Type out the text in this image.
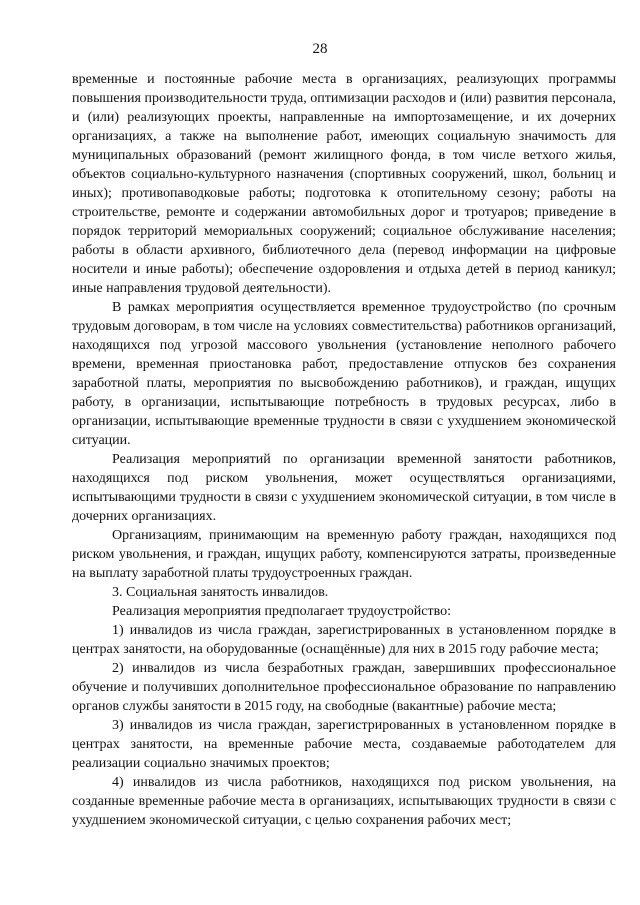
28

временные и постоянные рабочие места в организациях, реализующих программы повышения производительности труда, оптимизации расходов и (или) развития персонала, и (или) реализующих проекты, направленные на импортозамещение, и их дочерних организациях, а также на выполнение работ, имеющих социальную значимость для муниципальных образований (ремонт жилищного фонда, в том числе ветхого жилья, объектов социально-культурного назначения (спортивных сооружений, школ, больниц и иных); противопаводковые работы; подготовка к отопительному сезону; работы на строительстве, ремонте и содержании автомобильных дорог и тротуаров; приведение в порядок территорий мемориальных сооружений; социальное обслуживание населения; работы в области архивного, библиотечного дела (перевод информации на цифровые носители и иные работы); обеспечение оздоровления и отдыха детей в период каникул; иные направления трудовой деятельности).

В рамках мероприятия осуществляется временное трудоустройство (по срочным трудовым договорам, в том числе на условиях совместительства) работников организаций, находящихся под угрозой массового увольнения (установление неполного рабочего времени, временная приостановка работ, предоставление отпусков без сохранения заработной платы, мероприятия по высвобождению работников), и граждан, ищущих работу, в организации, испытывающие потребность в трудовых ресурсах, либо в организации, испытывающие временные трудности в связи с ухудшением экономической ситуации.

Реализация мероприятий по организации временной занятости работников, находящихся под риском увольнения, может осуществляться организациями, испытывающими трудности в связи с ухудшением экономической ситуации, в том числе в дочерних организациях.

Организациям, принимающим на временную работу граждан, находящихся под риском увольнения, и граждан, ищущих работу, компенсируются затраты, произведенные на выплату заработной платы трудоустроенных граждан.

3. Социальная занятость инвалидов.

Реализация мероприятия предполагает трудоустройство:

1) инвалидов из числа граждан, зарегистрированных в установленном порядке в центрах занятости, на оборудованные (оснащённые) для них в 2015 году рабочие места;

2) инвалидов из числа безработных граждан, завершивших профессиональное обучение и получивших дополнительное профессиональное образование по направлению органов службы занятости в 2015 году, на свободные (вакантные) рабочие места;

3) инвалидов из числа граждан, зарегистрированных в установленном порядке в центрах занятости, на временные рабочие места, создаваемые работодателем для реализации социально значимых проектов;

4) инвалидов из числа работников, находящихся под риском увольнения, на созданные временные рабочие места в организациях, испытывающих трудности в связи с ухудшением экономической ситуации, с целью сохранения рабочих мест;
